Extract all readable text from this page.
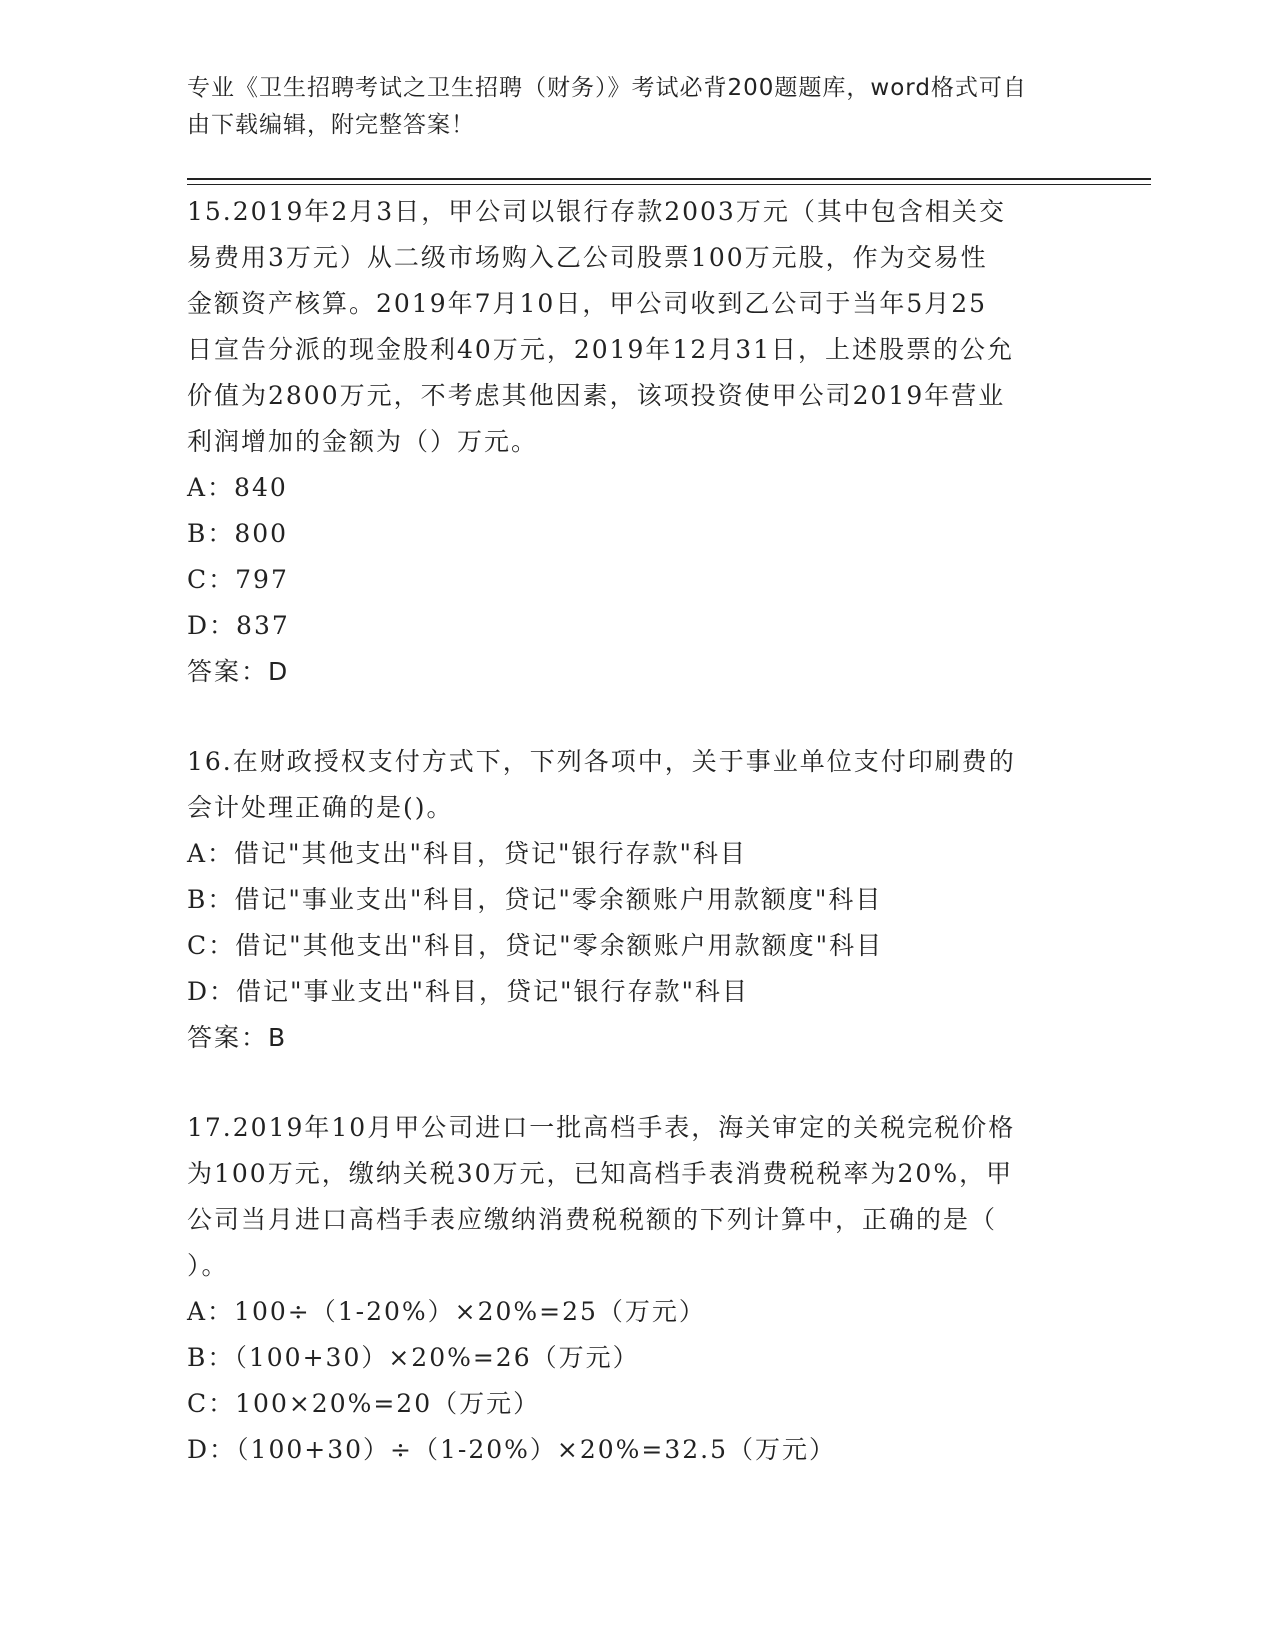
专业《卫生招聘考试之卫生招聘（财务）》考试必背200题题库，word格式可自
由下载编辑，附完整答案！
15.2019年2月3日，甲公司以银行存款2003万元（其中包含相关交
易费用3万元）从二级市场购入乙公司股票100万元股，作为交易性
金额资产核算。2019年7月10日，甲公司收到乙公司于当年5月25
日宣告分派的现金股利40万元，2019年12月31日，上述股票的公允
价值为2800万元，不考虑其他因素，该项投资使甲公司2019年营业
利润增加的金额为（）万元。
A：840
B：800
C：797
D：837
答案：D
16.在财政授权支付方式下，下列各项中，关于事业单位支付印刷费的
会计处理正确的是()。
A：借记"其他支出"科目，贷记"银行存款"科目
B：借记"事业支出"科目，贷记"零余额账户用款额度"科目
C：借记"其他支出"科目，贷记"零余额账户用款额度"科目
D：借记"事业支出"科目，贷记"银行存款"科目
答案：B
17.2019年10月甲公司进口一批高档手表，海关审定的关税完税价格
为100万元，缴纳关税30万元，已知高档手表消费税税率为20%，甲
公司当月进口高档手表应缴纳消费税税额的下列计算中，正确的是（
）。
A：100÷（1-20%）×20%=25（万元）
B：（100+30）×20%=26（万元）
C：100×20%=20（万元）
D：（100+30）÷（1-20%）×20%=32.5（万元）
